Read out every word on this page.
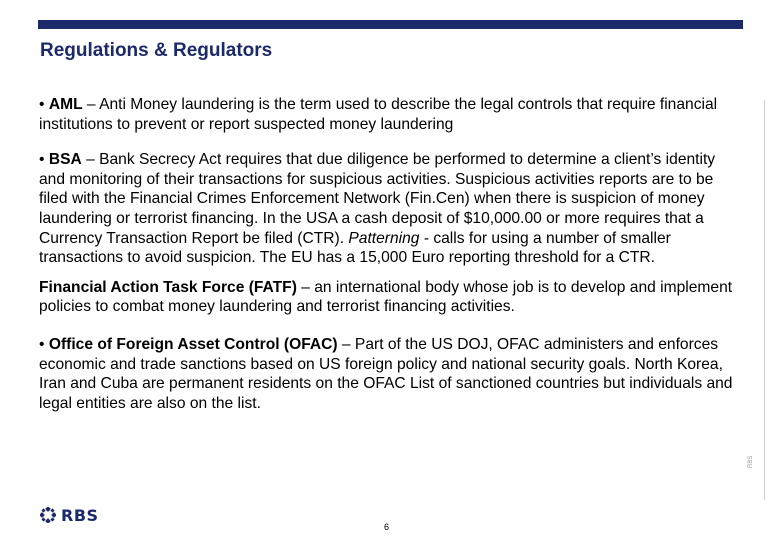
Regulations & Regulators

• AML – Anti Money laundering is the term used to describe the legal controls that require financial institutions to prevent or report suspected money laundering

• BSA – Bank Secrecy Act requires that due diligence be performed to determine a client’s identity and monitoring of their transactions for suspicious activities. Suspicious activities reports are to be filed with the Financial Crimes Enforcement Network (Fin.Cen) when there is suspicion of money laundering or terrorist financing. In the USA a cash deposit of $10,000.00 or more requires that a Currency Transaction Report be filed (CTR). Patterning - calls for using a number of smaller transactions to avoid suspicion. The EU has a 15,000 Euro reporting threshold for a CTR.

Financial Action Task Force (FATF) – an international body whose job is to develop and implement policies to combat money laundering and terrorist financing activities.

• Office of Foreign Asset Control (OFAC) – Part of the US DOJ, OFAC administers and enforces economic and trade sanctions based on US foreign policy and national security goals. North Korea, Iran and Cuba are permanent residents on the OFAC List of sanctioned countries but individuals and legal entities are also on the list.

RBS
RBS
6
